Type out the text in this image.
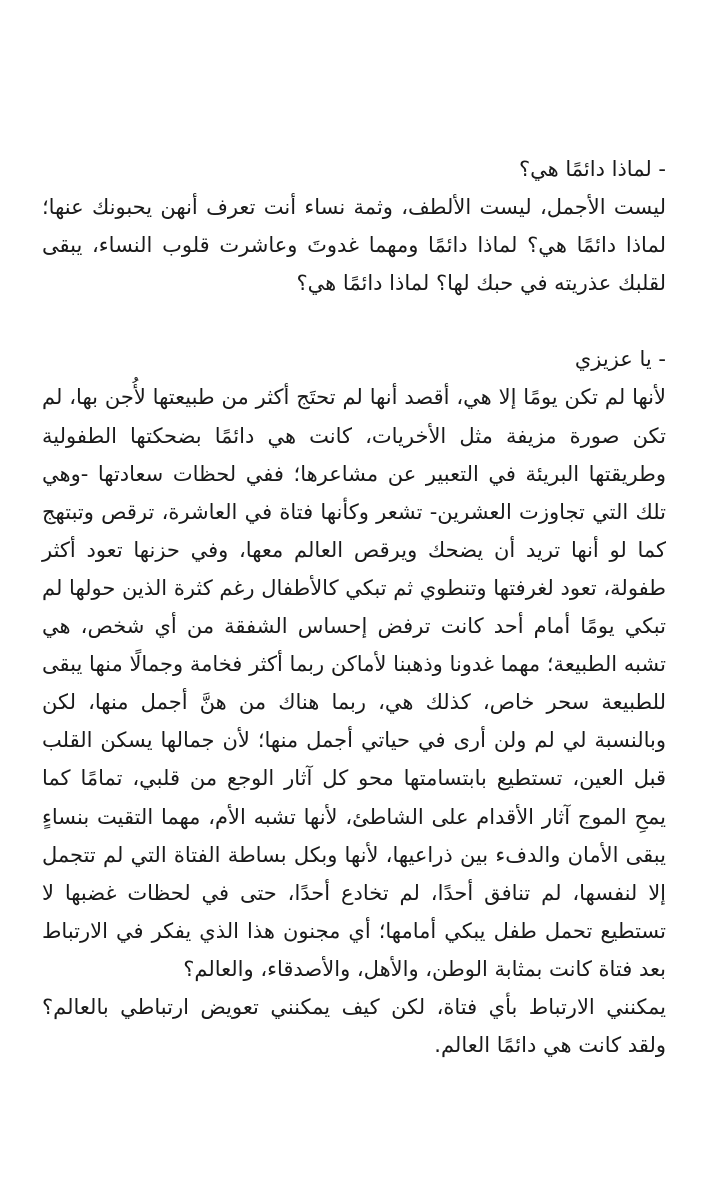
- لماذا دائمًا هي؟

ليست الأجمل، ليست الألطف، وثمة نساء أنت تعرف أنهن يحبونك عنها؛ لماذا دائمًا هي؟ لماذا دائمًا ومهما غدوتَ وعاشرت قلوب النساء، يبقى لقلبك عذريته في حبك لها؟ لماذا دائمًا هي؟

- يا عزيزي

لأنها لم تكن يومًا إلا هي، أقصد أنها لم تحتَج أكثر من طبيعتها لأُجن بها، لم تكن صورة مزيفة مثل الأخريات، كانت هي دائمًا بضحكتها الطفولية وطريقتها البريئة في التعبير عن مشاعرها؛ ففي لحظات سعادتها -وهي تلك التي تجاوزت العشرين- تشعر وكأنها فتاة في العاشرة، ترقص وتبتهج كما لو أنها تريد أن يضحك ويرقص العالم معها، وفي حزنها تعود أكثر طفولة، تعود لغرفتها وتنطوي ثم تبكي كالأطفال رغم كثرة الذين حولها لم تبكي يومًا أمام أحد كانت ترفض إحساس الشفقة من أي شخص، هي تشبه الطبيعة؛ مهما غدونا وذهبنا لأماكن ربما أكثر فخامة وجمالًا منها يبقى للطبيعة سحر خاص، كذلك هي، ربما هناك من هنَّ أجمل منها، لكن وبالنسبة لي لم ولن أرى في حياتي أجمل منها؛ لأن جمالها يسكن القلب قبل العين، تستطيع بابتسامتها محو كل آثار الوجع من قلبي، تمامًا كما يمحِ الموج آثار الأقدام على الشاطئ، لأنها تشبه الأم، مهما التقيت بنساءٍ يبقى الأمان والدفء بين ذراعيها، لأنها وبكل بساطة الفتاة التي لم تتجمل إلا لنفسها، لم تنافق أحدًا، لم تخادع أحدًا، حتى في لحظات غضبها لا تستطيع تحمل طفل يبكي أمامها؛ أي مجنون هذا الذي يفكر في الارتباط بعد فتاة كانت بمثابة الوطن، والأهل، والأصدقاء، والعالم؟

يمكنني الارتباط بأي فتاة، لكن كيف يمكنني تعويض ارتباطي بالعالم؟ ولقد كانت هي دائمًا العالم.
